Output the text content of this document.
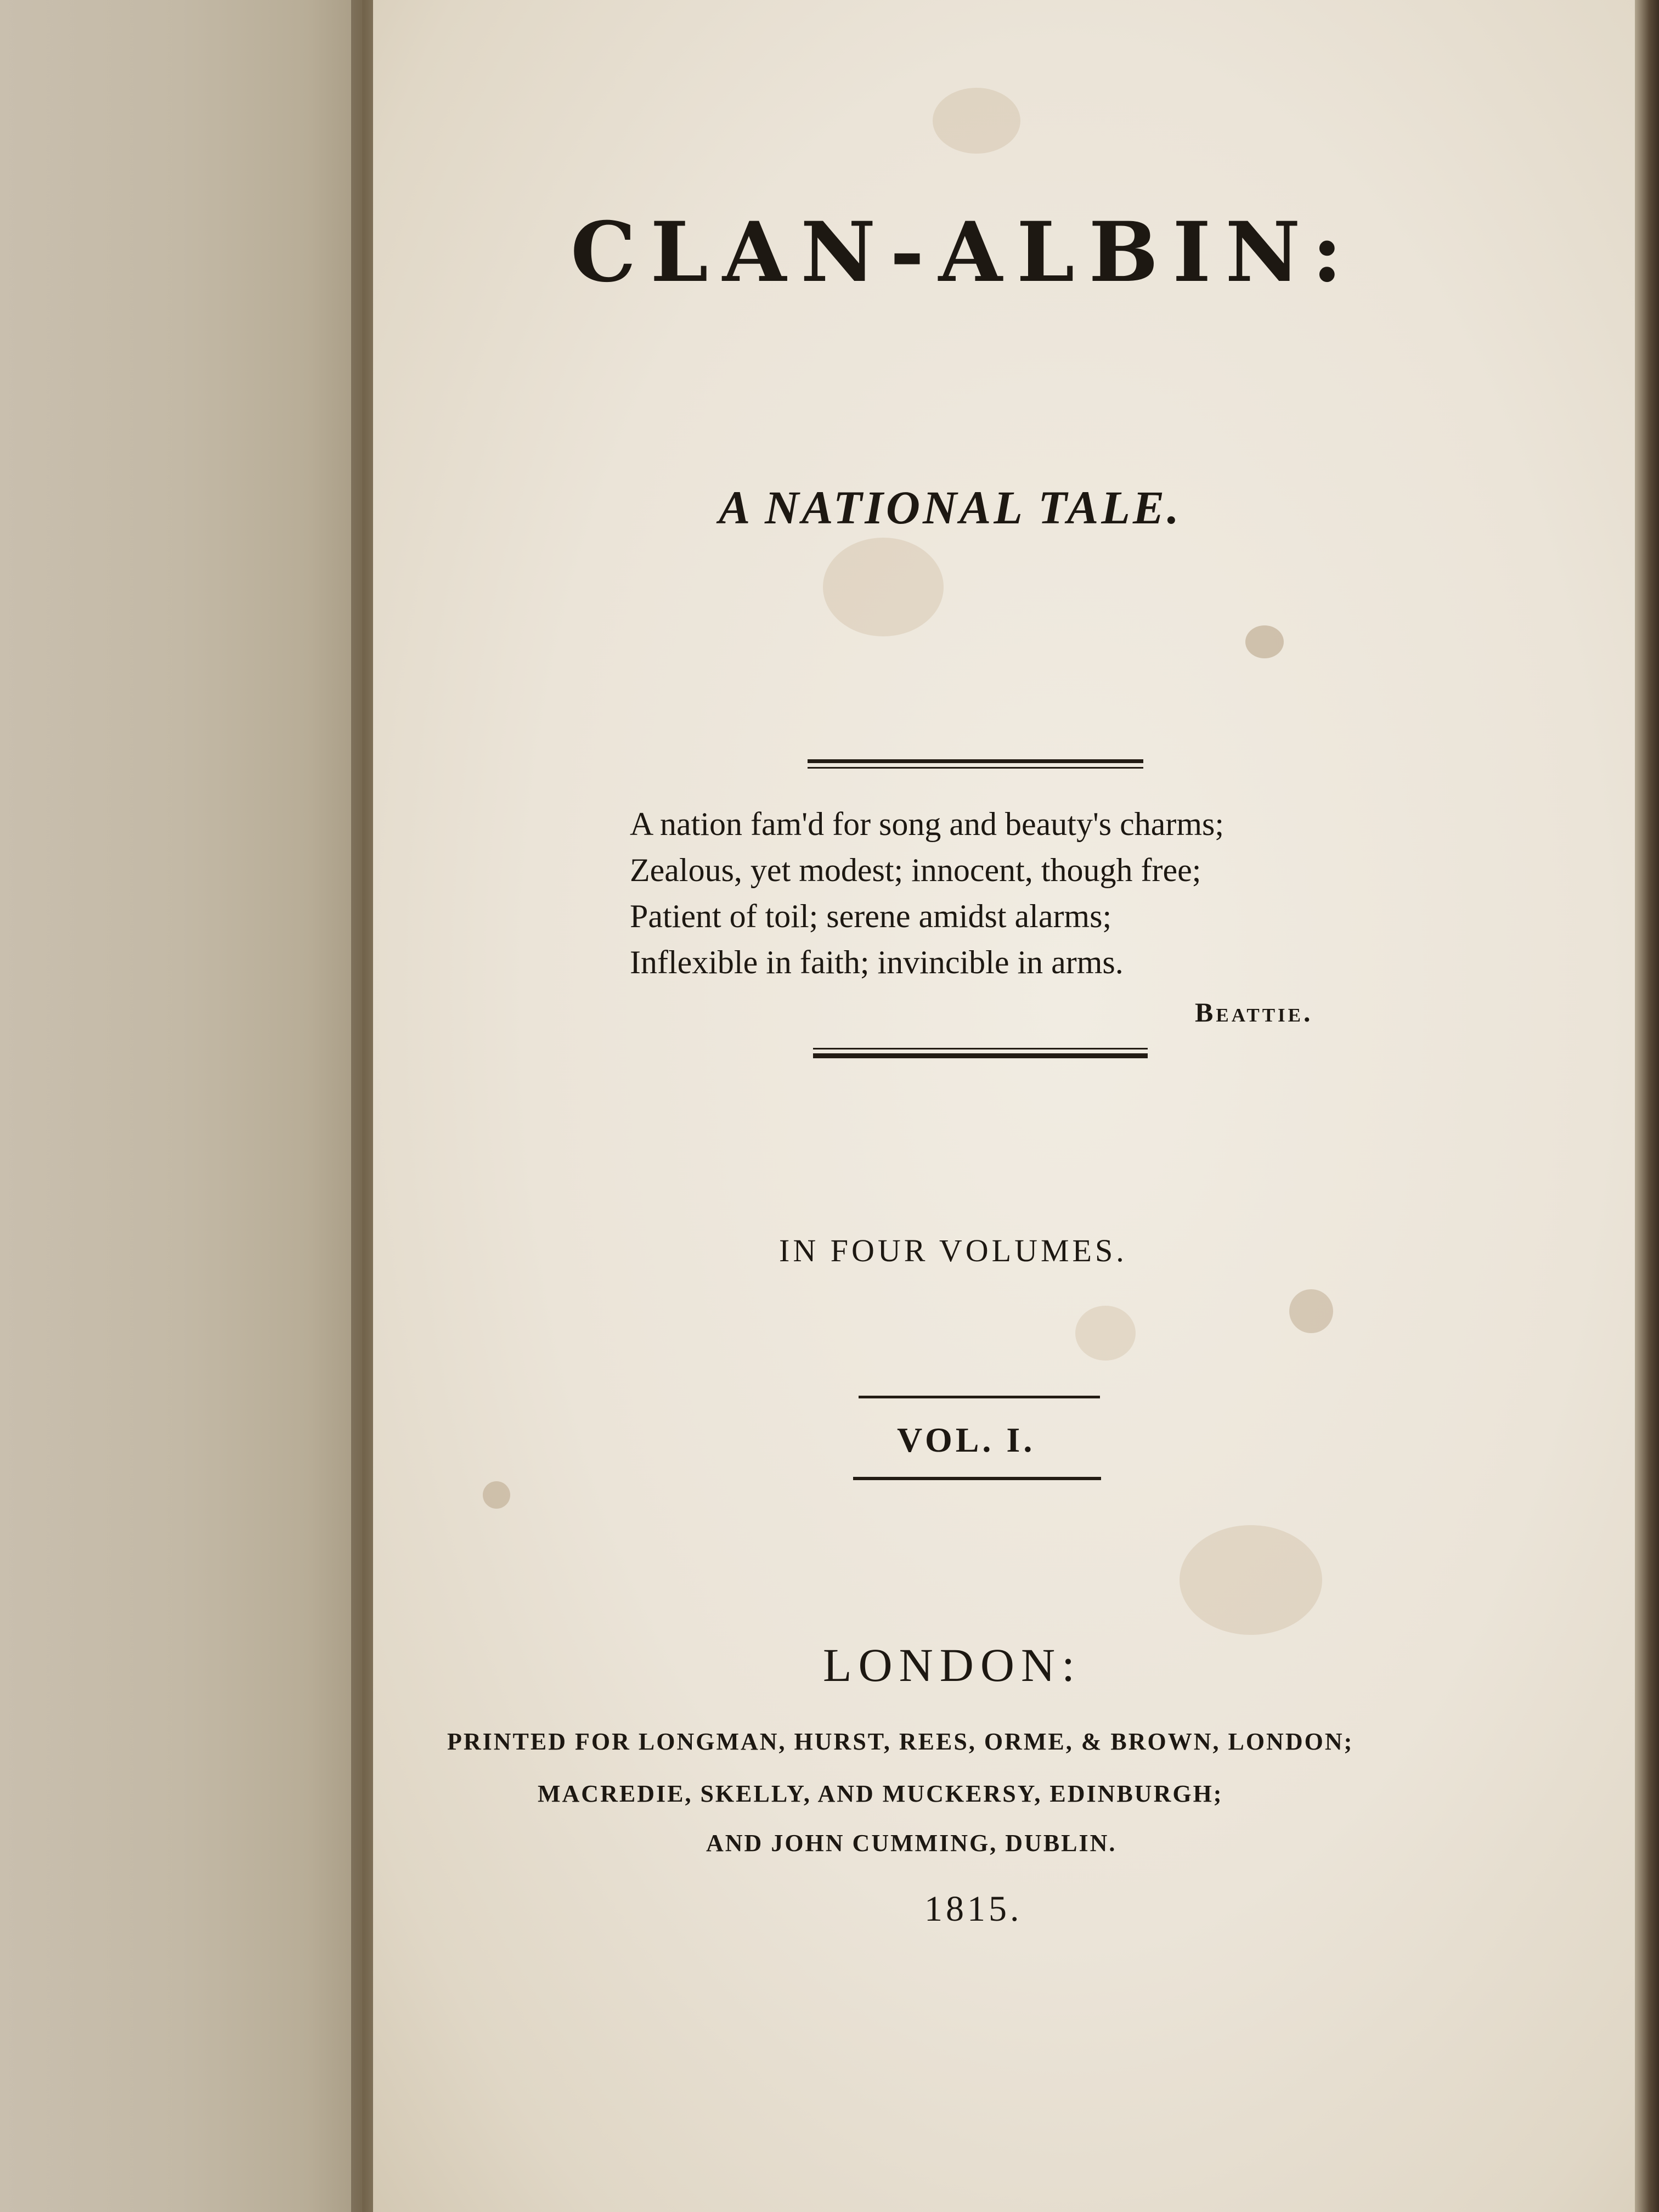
CLAN-ALBIN:
A NATIONAL TALE.
A nation fam'd for song and beauty's charms;
Zealous, yet modest; innocent, though free;
Patient of toil; serene amidst alarms;
Inflexible in faith; invincible in arms.
Beattie.
IN FOUR VOLUMES.
VOL. I.
LONDON:
PRINTED FOR LONGMAN, HURST, REES, ORME, & BROWN, LONDON;
MACREDIE, SKELLY, AND MUCKERSY, EDINBURGH;
AND JOHN CUMMING, DUBLIN.
1815.
